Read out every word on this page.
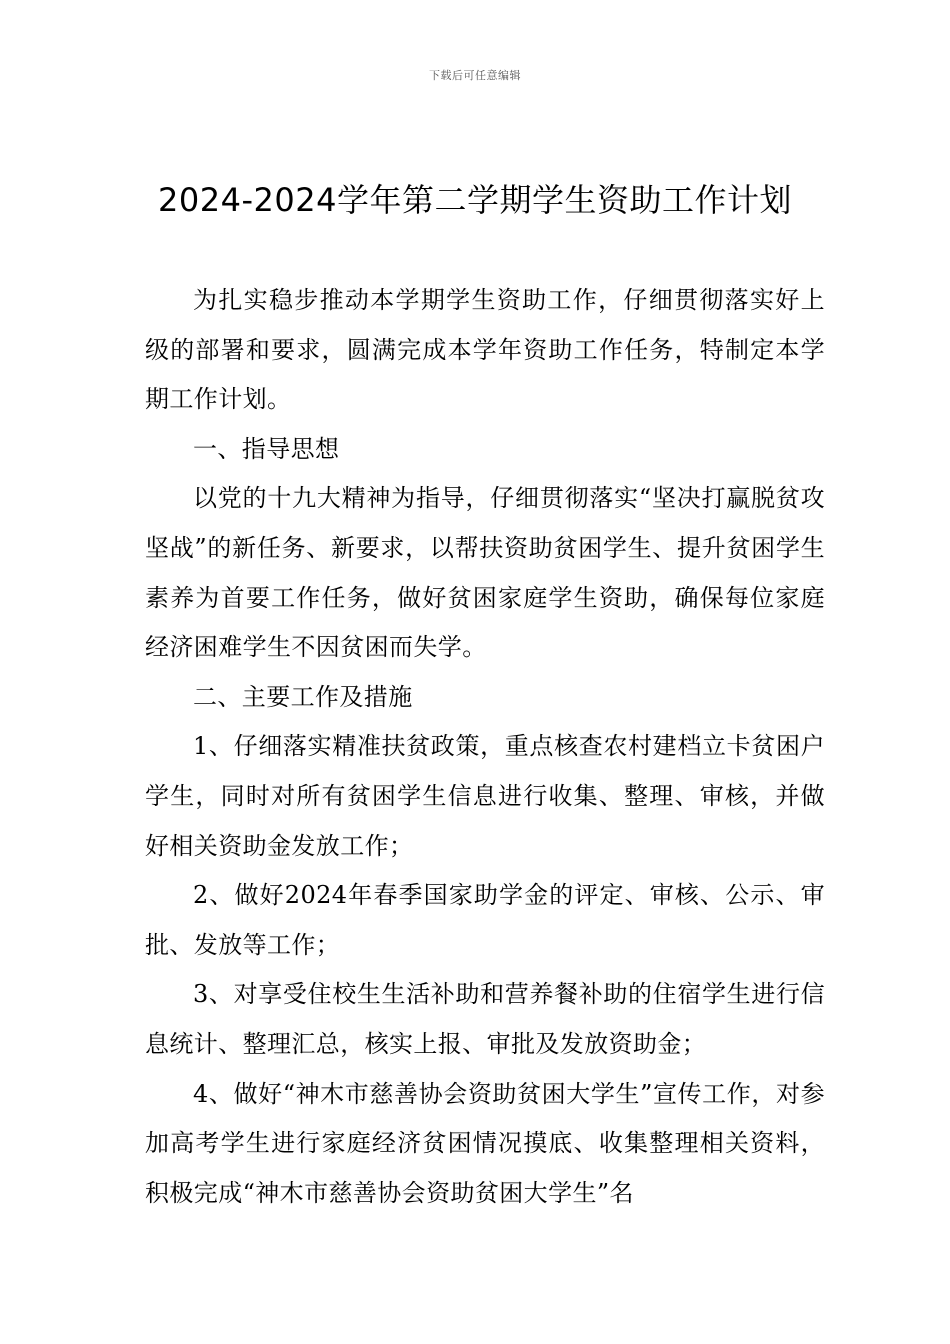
下载后可任意编辑
2024-2024学年第二学期学生资助工作计划

为扎实稳步推动本学期学生资助工作，仔细贯彻落实好上级的部署和要求，圆满完成本学年资助工作任务，特制定本学期工作计划。

一、指导思想

以党的十九大精神为指导，仔细贯彻落实“坚决打赢脱贫攻坚战”的新任务、新要求，以帮扶资助贫困学生、提升贫困学生素养为首要工作任务，做好贫困家庭学生资助，确保每位家庭经济困难学生不因贫困而失学。

二、主要工作及措施

1、仔细落实精准扶贫政策，重点核查农村建档立卡贫困户学生，同时对所有贫困学生信息进行收集、整理、审核，并做好相关资助金发放工作；

2、做好2024年春季国家助学金的评定、审核、公示、审批、发放等工作；

3、对享受住校生生活补助和营养餐补助的住宿学生进行信息统计、整理汇总，核实上报、审批及发放资助金；

4、做好“神木市慈善协会资助贫困大学生”宣传工作，对参加高考学生进行家庭经济贫困情况摸底、收集整理相关资料，积极完成“神木市慈善协会资助贫困大学生”名
